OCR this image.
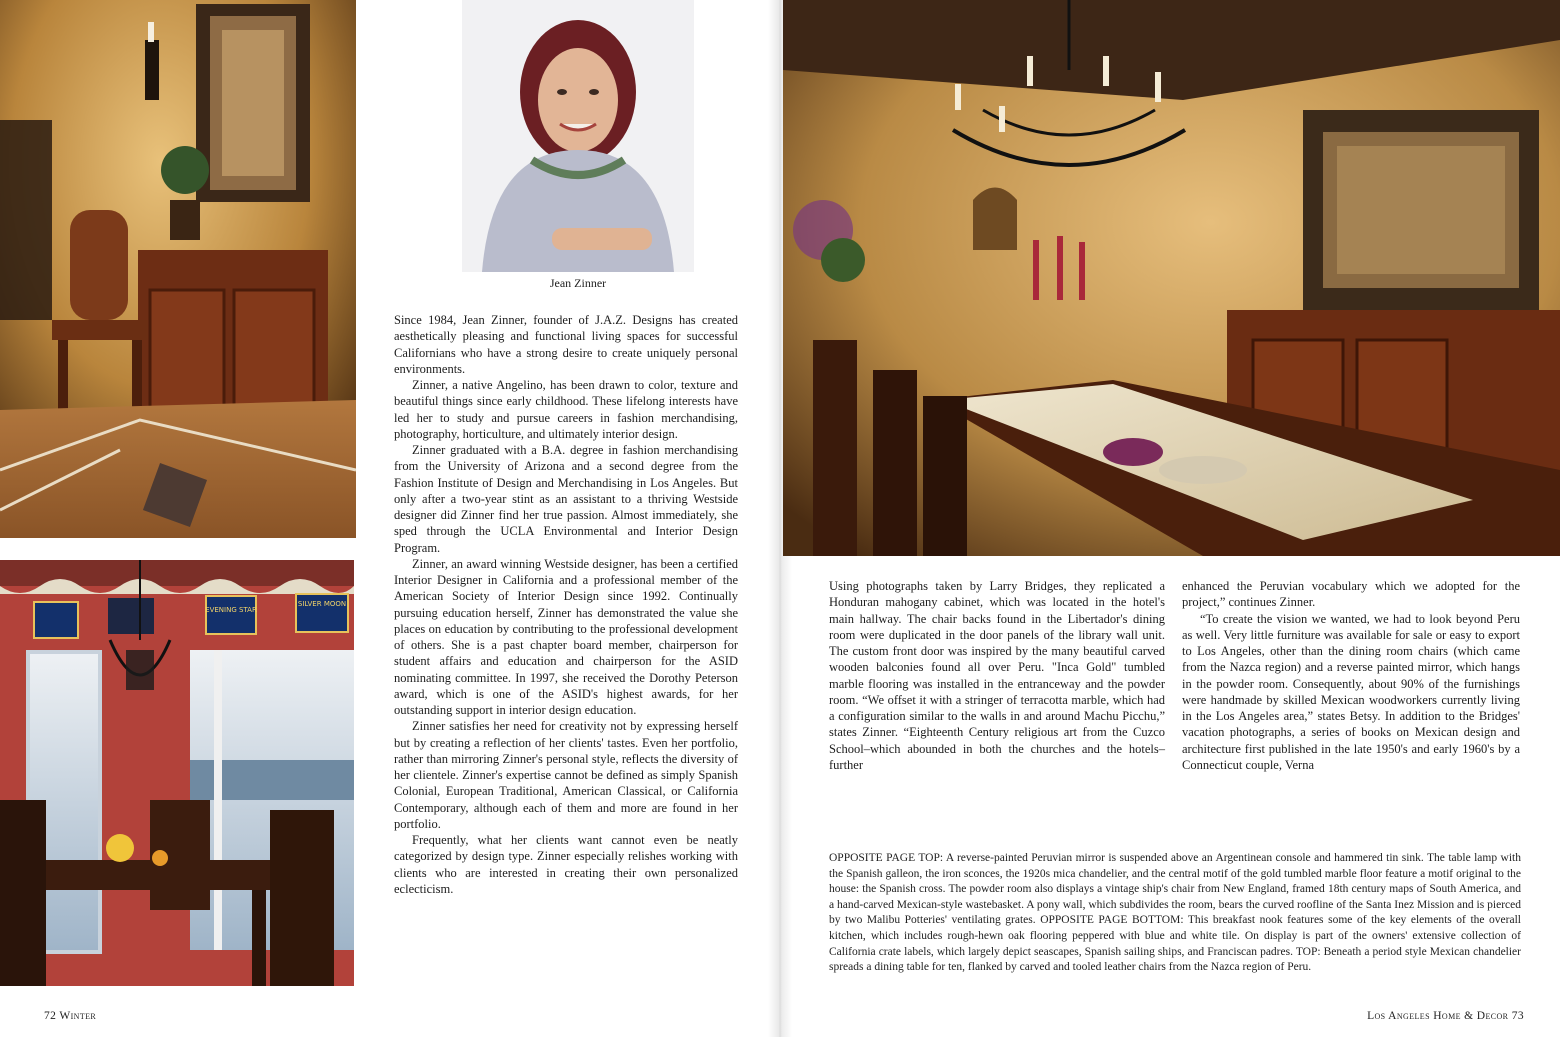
EVENING STAR
SILVER MOON
Jean Zinner

Since 1984, Jean Zinner, founder of J.A.Z. Designs has created aesthetically pleasing and functional living spaces for successful Californians who have a strong desire to create uniquely personal environments.

Zinner, a native Angelino, has been drawn to color, texture and beautiful things since early childhood. These lifelong interests have led her to study and pursue careers in fashion merchandising, photography, horticulture, and ultimately interior design.

Zinner graduated with a B.A. degree in fashion merchandising from the University of Arizona and a second degree from the Fashion Institute of Design and Merchandising in Los Angeles. But only after a two-year stint as an assistant to a thriving Westside designer did Zinner find her true passion. Almost immediately, she sped through the UCLA Environmental and Interior Design Program.

Zinner, an award winning Westside designer, has been a certified Interior Designer in California and a professional member of the American Society of Interior Design since 1992. Continually pursuing education herself, Zinner has demonstrated the value she places on education by contributing to the professional development of others. She is a past chapter board member, chairperson for student affairs and education and chairperson for the ASID nominating committee. In 1997, she received the Dorothy Peterson award, which is one of the ASID's highest awards, for her outstanding support in interior design education.

Zinner satisfies her need for creativity not by expressing herself but by creating a reflection of her clients' tastes. Even her portfolio, rather than mirroring Zinner's personal style, reflects the diversity of her clientele. Zinner's expertise cannot be defined as simply Spanish Colonial, European Traditional, American Classical, or California Contemporary, although each of them and more are found in her portfolio.

Frequently, what her clients want cannot even be neatly categorized by design type. Zinner especially relishes working with clients who are interested in creating their own personalized eclecticism.

72 Winter

Using photographs taken by Larry Bridges, they replicated a Honduran mahogany cabinet, which was located in the hotel's main hallway. The chair backs found in the Libertador's dining room were duplicated in the door panels of the library wall unit. The custom front door was inspired by the many beautiful carved wooden balconies found all over Peru. "Inca Gold" tumbled marble flooring was installed in the entranceway and the powder room. “We offset it with a stringer of terracotta marble, which had a configuration similar to the walls in and around Machu Picchu,” states Zinner. “Eighteenth Century religious art from the Cuzco School–which abounded in both the churches and the hotels–further

enhanced the Peruvian vocabulary which we adopted for the project,” continues Zinner.

“To create the vision we wanted, we had to look beyond Peru as well. Very little furniture was available for sale or easy to export to Los Angeles, other than the dining room chairs (which came from the Nazca region) and a reverse painted mirror, which hangs in the powder room. Consequently, about 90% of the furnishings were handmade by skilled Mexican woodworkers currently living in the Los Angeles area,” states Betsy. In addition to the Bridges' vacation photographs, a series of books on Mexican design and architecture first published in the late 1950's and early 1960's by a Connecticut couple, Verna

OPPOSITE PAGE TOP: A reverse-painted Peruvian mirror is suspended above an Argentinean console and hammered tin sink. The table lamp with the Spanish galleon, the iron sconces, the 1920s mica chandelier, and the central motif of the gold tumbled marble floor feature a motif original to the house: the Spanish cross. The powder room also displays a vintage ship's chair from New England, framed 18th century maps of South America, and a hand-carved Mexican-style wastebasket. A pony wall, which subdivides the room, bears the curved roofline of the Santa Inez Mission and is pierced by two Malibu Potteries' ventilating grates. OPPOSITE PAGE BOTTOM: This breakfast nook features some of the key elements of the overall kitchen, which includes rough-hewn oak flooring peppered with blue and white tile. On display is part of the owners' extensive collection of California crate labels, which largely depict seascapes, Spanish sailing ships, and Franciscan padres. TOP: Beneath a period style Mexican chandelier spreads a dining table for ten, flanked by carved and tooled leather chairs from the Nazca region of Peru.

Los Angeles Home & Decor 73
